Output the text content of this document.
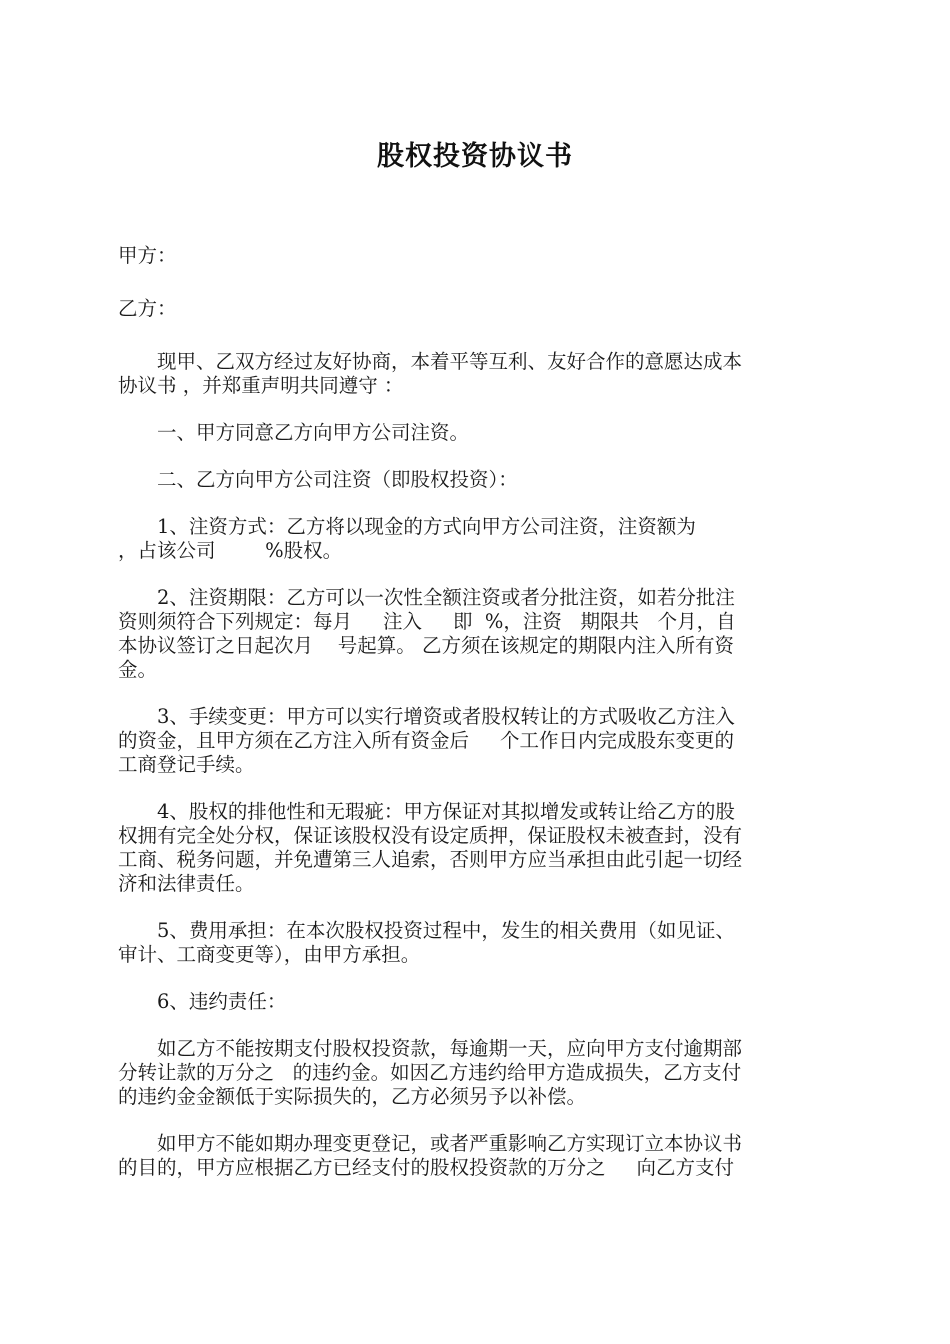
股权投资协议书
甲方：
乙方：
　　现甲、乙双方经过友好协商，本着平等互利、友好合作的意愿达成本
协议书 ，并郑重声明共同遵守 ：
　　一、甲方同意乙方向甲方公司注资。
　　二、乙方向甲方公司注资（即股权投资）：
　　1、注资方式：乙方将以现金的方式向甲方公司注资，注资额为
，占该公司        %股权。
　　2、注资期限：乙方可以一次性全额注资或者分批注资，如若分批注
资则须符合下列规定：每月     注入     即  %，注资   期限共   个月，自
本协议签订之日起次月    号起算。 乙方须在该规定的期限内注入所有资
金。
　　3、手续变更：甲方可以实行增资或者股权转让的方式吸收乙方注入
的资金，且甲方须在乙方注入所有资金后     个工作日内完成股东变更的
工商登记手续。
　　4、股权的排他性和无瑕疵：甲方保证对其拟增发或转让给乙方的股
权拥有完全处分权，保证该股权没有设定质押，保证股权未被查封，没有
工商、税务问题，并免遭第三人追索，否则甲方应当承担由此引起一切经
济和法律责任。
　　5、费用承担：在本次股权投资过程中，发生的相关费用（如见证、
审计、工商变更等），由甲方承担。
　　6、违约责任：
　　如乙方不能按期支付股权投资款，每逾期一天，应向甲方支付逾期部
分转让款的万分之   的违约金。如因乙方违约给甲方造成损失，乙方支付
的违约金金额低于实际损失的，乙方必须另予以补偿。
　　如甲方不能如期办理变更登记，或者严重影响乙方实现订立本协议书
的目的，甲方应根据乙方已经支付的股权投资款的万分之     向乙方支付
